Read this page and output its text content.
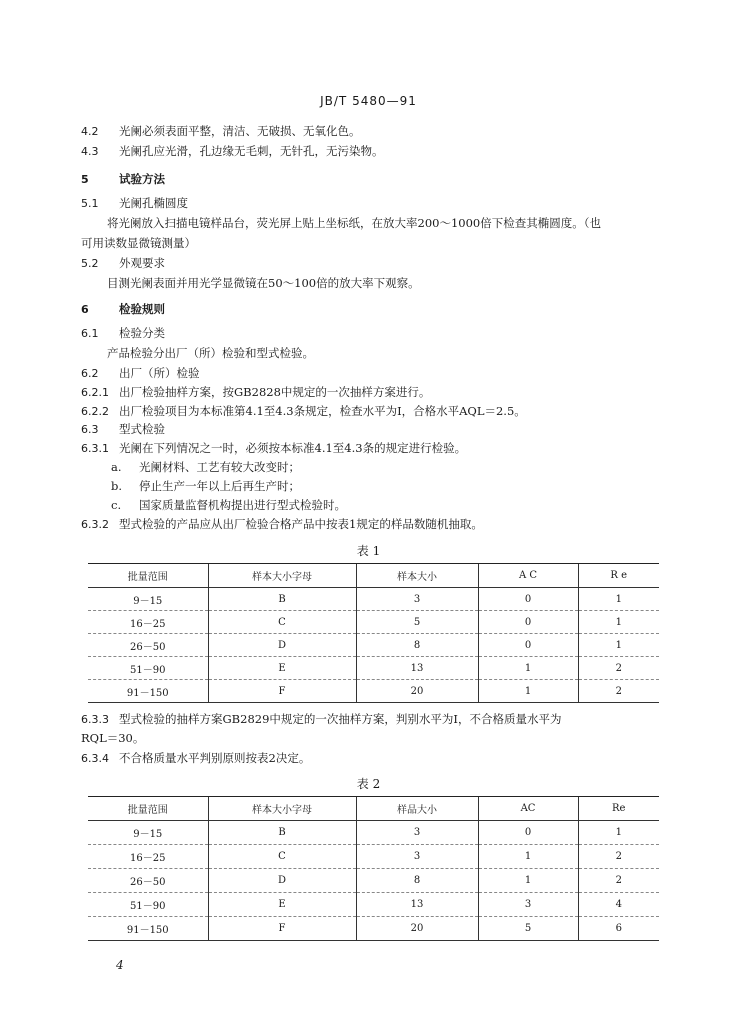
JB/T 5480—91
4.2 光阑必须表面平整，清洁、无破损、无氧化色。
4.3 光阑孔应光滑，孔边缘无毛刺，无针孔，无污染物。
5	试验方法
5.1 光阑孔椭圆度
将光阑放入扫描电镜样品台，荧光屏上贴上坐标纸，在放大率200～1000倍下检查其椭圆度。（也
可用读数显微镜测量）
5.2 外观要求
目测光阑表面并用光学显微镜在50～100倍的放大率下观察。
6	检验规则
6.1 检验分类
产品检验分出厂（所）检验和型式检验。
6.2 出厂（所）检验
6.2.1 出厂检验抽样方案，按GB2828中规定的一次抽样方案进行。
6.2.2 出厂检验项目为本标准第4.1至4.3条规定，检查水平为Ⅰ，合格水平AQL＝2.5。
6.3 型式检验
6.3.1 光阑在下列情况之一时，必须按本标准4.1至4.3条的规定进行检验。
a. 光阑材料、工艺有较大改变时；
b. 停止生产一年以上后再生产时；
c. 国家质量监督机构提出进行型式检验时。
6.3.2 型式检验的产品应从出厂检验合格产品中按表1规定的样品数随机抽取。
表 1
批量范围	样本大小字母	样本大小	A C	R e
9－15	B	3	0	1
16－25	C	5	0	1
26－50	D	8	0	1
51－90	E	13	1	2
91－150	F	20	1	2
6.3.3 型式检验的抽样方案GB2829中规定的一次抽样方案，判别水平为Ⅰ，不合格质量水平为
RQL＝30。
6.3.4 不合格质量水平判别原则按表2决定。
表 2
批量范围	样本大小字母	样品大小	AC	Re
9－15	B	3	0	1
16－25	C	3	1	2
26－50	D	8	1	2
51－90	E	13	3	4
91－150	F	20	5	6
4
